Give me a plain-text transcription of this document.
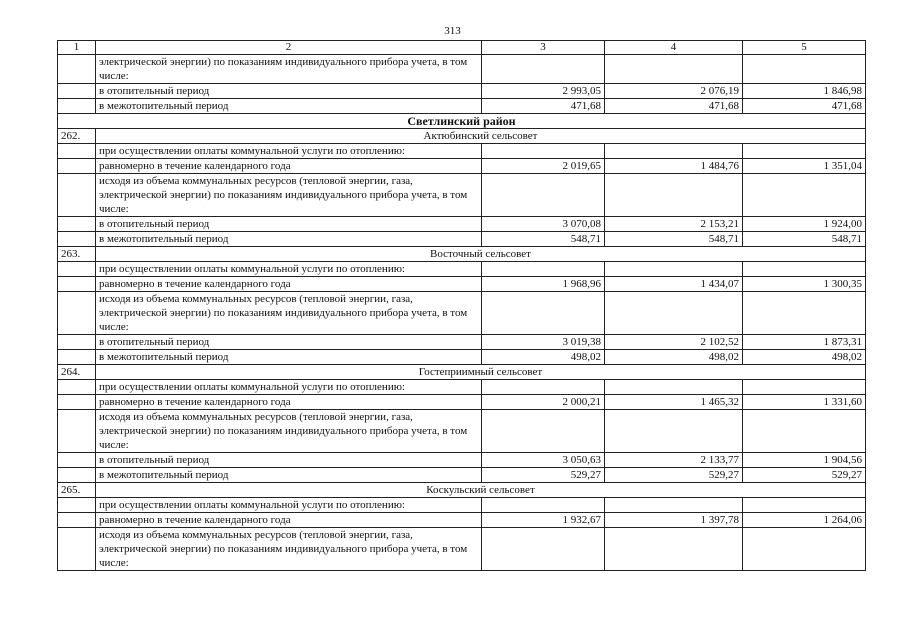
313
1	2	3	4	5
	электрической энергии) по показаниям индивидуального прибора учета, в том числе:			
	в отопительный период	2 993,05	2 076,19	1 846,98
	в межотопительный период	471,68	471,68	471,68
Светлинский район				
262.	Актюбинский сельсовет			
	при осуществлении оплаты коммунальной услуги по отоплению:			
	равномерно в течение календарного года	2 019,65	1 484,76	1 351,04
	исходя из объема коммунальных ресурсов (тепловой энергии, газа, электрической энергии) по показаниям индивидуального прибора учета, в том числе:			
	в отопительный период	3 070,08	2 153,21	1 924,00
	в межотопительный период	548,71	548,71	548,71
263.	Восточный сельсовет			
	при осуществлении оплаты коммунальной услуги по отоплению:			
	равномерно в течение календарного года	1 968,96	1 434,07	1 300,35
	исходя из объема коммунальных ресурсов (тепловой энергии, газа, электрической энергии) по показаниям индивидуального прибора учета, в том числе:			
	в отопительный период	3 019,38	2 102,52	1 873,31
	в межотопительный период	498,02	498,02	498,02
264.	Гостеприимный сельсовет			
	при осуществлении оплаты коммунальной услуги по отоплению:			
	равномерно в течение календарного года	2 000,21	1 465,32	1 331,60
	исходя из объема коммунальных ресурсов (тепловой энергии, газа, электрической энергии) по показаниям индивидуального прибора учета, в том числе:			
	в отопительный период	3 050,63	2 133,77	1 904,56
	в межотопительный период	529,27	529,27	529,27
265.	Коскульский сельсовет			
	при осуществлении оплаты коммунальной услуги по отоплению:			
	равномерно в течение календарного года	1 932,67	1 397,78	1 264,06
	исходя из объема коммунальных ресурсов (тепловой энергии, газа, электрической энергии) по показаниям индивидуального прибора учета, в том числе:			
